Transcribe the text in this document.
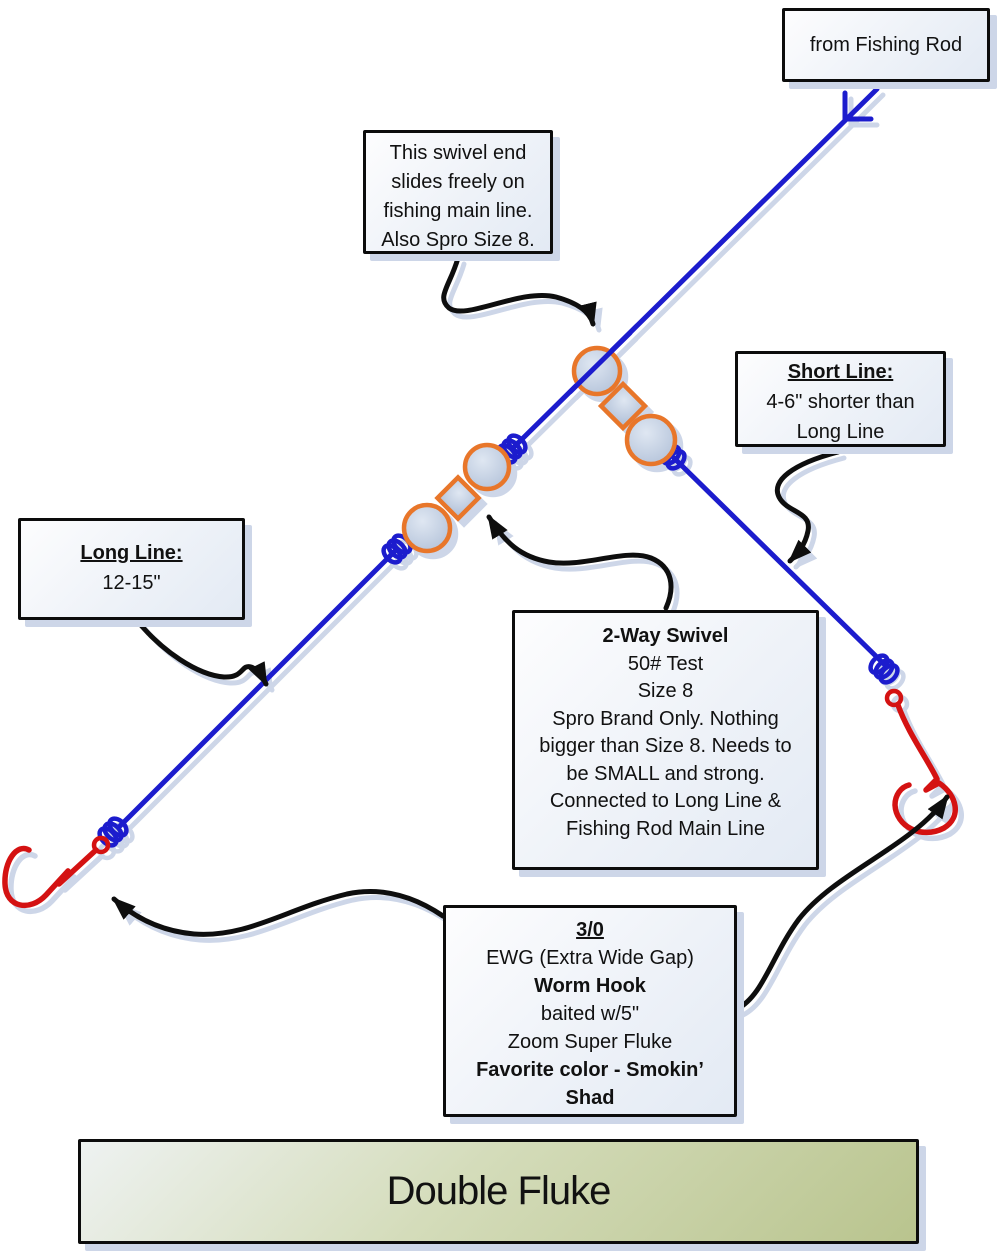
from Fishing Rod
This swivel end
slides freely on
fishing main line.
Also Spro Size 8.
Short Line:
4-6" shorter than
Long Line
Long Line:
12-15"
2-Way Swivel
50# Test
Size 8
Spro Brand Only. Nothing bigger than Size 8. Needs to be SMALL and strong.
Connected to Long Line & Fishing Rod Main Line
3/0
EWG (Extra Wide Gap)
Worm Hook
baited w/5"
Zoom Super Fluke
Favorite color - Smokin’ Shad
Double Fluke
